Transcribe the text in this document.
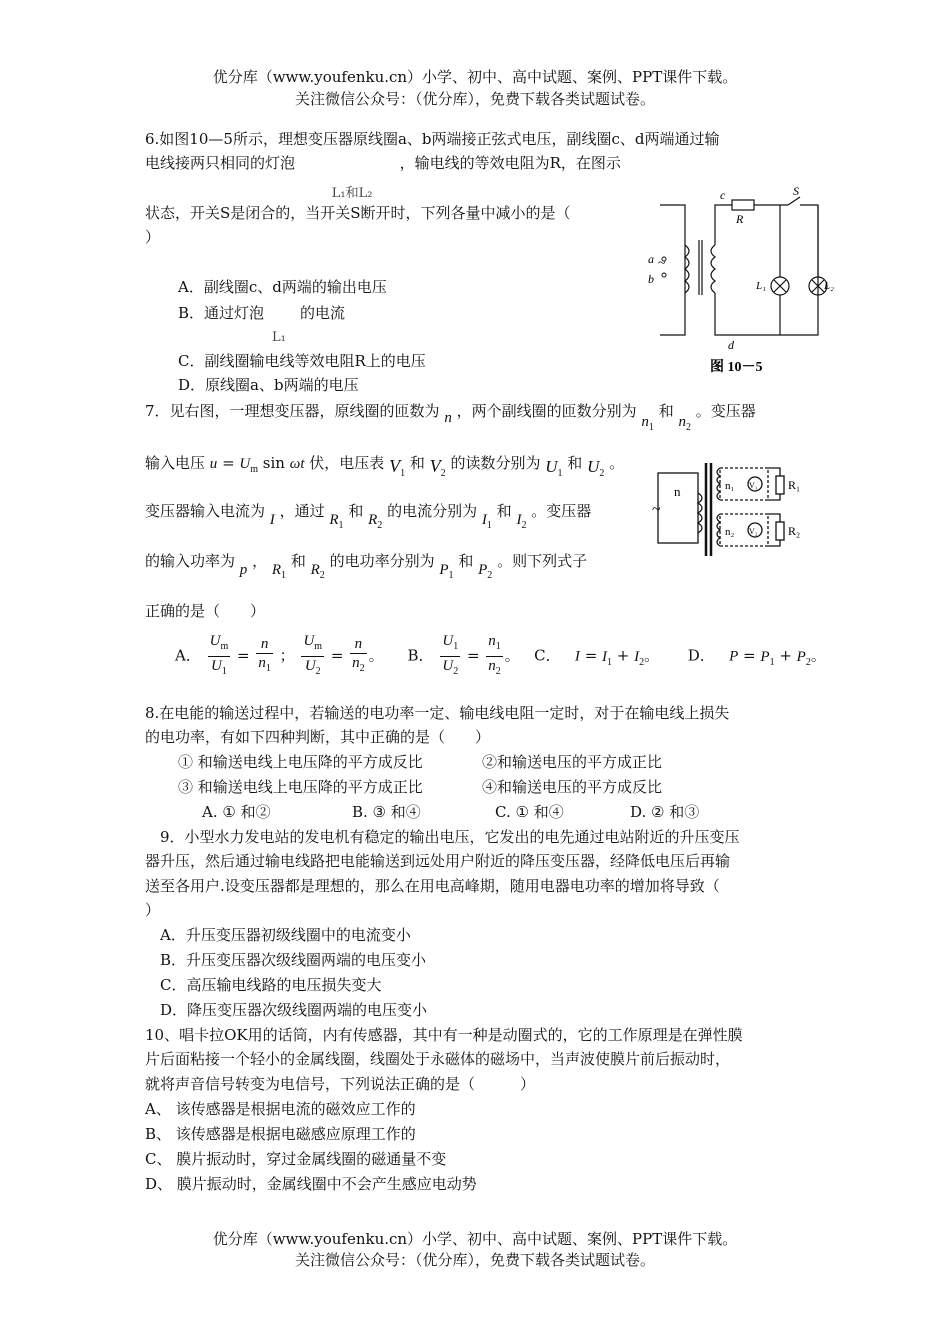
优分库（www.youfenku.cn）小学、初中、高中试题、案例、PPT课件下载。
关注微信公众号：（优分库），免费下载各类试题试卷。
6.如图10—5所示，理想变压器原线圈a、b两端接正弦式电压，副线圈c、d两端通过输
电线接两只相同的灯泡
L₁和L₂
，输电线的等效电阻为R，在图示
状态，开关S是闭合的，当开关S断开时，下列各量中减小的是（
）
A．副线圈c、d两端的输出电压
B．通过灯泡
L₁
的电流
C．副线圈输电线等效电阻R上的电压
D．原线圈a、b两端的电压
a
b
~
c
R
S
L₁	L₂
d
图 10－5
7．见右图，一理想变压器，原线圈的匝数为 n ，两个副线圈的匝数分别为 $n_1$ 和 $n_2$ 。变压器
输入电压 $u = U_m$ sin ωt 伏，电压表 $V_1$ 和 $V_2$ 的读数分别为 $U_1$ 和 $U_2$ 。
变压器输入电流为 I ，通过 $R_1$ 和 $R_2$ 的电流分别为 $I_1$ 和 $I_2$ 。变压器
的输入功率为 p ， $R_1$ 和 $R_2$ 的电功率分别为 $P_1$ 和 $P_2$ 。则下列式子
正确的是（　　）
A． $\frac{U_m}{U_1} = \frac{n}{n_1}$ ； $\frac{U_m}{U_2} = \frac{n}{n_2}$ 。 B． $\frac{U_1}{U_2} = \frac{n_1}{n_2}$ 。 C． $I = I_1 + I_2$。 D． $P = P_1 + P_2$。
~
n	n₁
n₂
V₁
V₂
R₁
R₂
8.在电能的输送过程中，若输送的电功率一定、输电线电阻一定时，对于在输电线上损失
的电功率，有如下四种判断，其中正确的是（　　）
① 和输送电线上电压降的平方成反比	②和输送电压的平方成正比
③ 和输送电线上电压降的平方成正比	④和输送电压的平方成反比
A. ① 和②	B. ③ 和④	C. ① 和④	D. ② 和③
9．小型水力发电站的发电机有稳定的输出电压，它发出的电先通过电站附近的升压变压
器升压，然后通过输电线路把电能输送到远处用户附近的降压变压器，经降低电压后再输
送至各用户.设变压器都是理想的，那么在用电高峰期，随用电器电功率的增加将导致（
）
A．升压变压器初级线圈中的电流变小
B．升压变压器次级线圈两端的电压变小
C．高压输电线路的电压损失变大
D．降压变压器次级线圈两端的电压变小
10、唱卡拉OK用的话筒，内有传感器，其中有一种是动圈式的，它的工作原理是在弹性膜
片后面粘接一个轻小的金属线圈，线圈处于永磁体的磁场中，当声波使膜片前后振动时，
就将声音信号转变为电信号，下列说法正确的是（　　　）
A、 该传感器是根据电流的磁效应工作的
B、 该传感器是根据电磁感应原理工作的
C、 膜片振动时，穿过金属线圈的磁通量不变
D、 膜片振动时，金属线圈中不会产生感应电动势
优分库（www.youfenku.cn）小学、初中、高中试题、案例、PPT课件下载。
关注微信公众号：（优分库），免费下载各类试题试卷。
